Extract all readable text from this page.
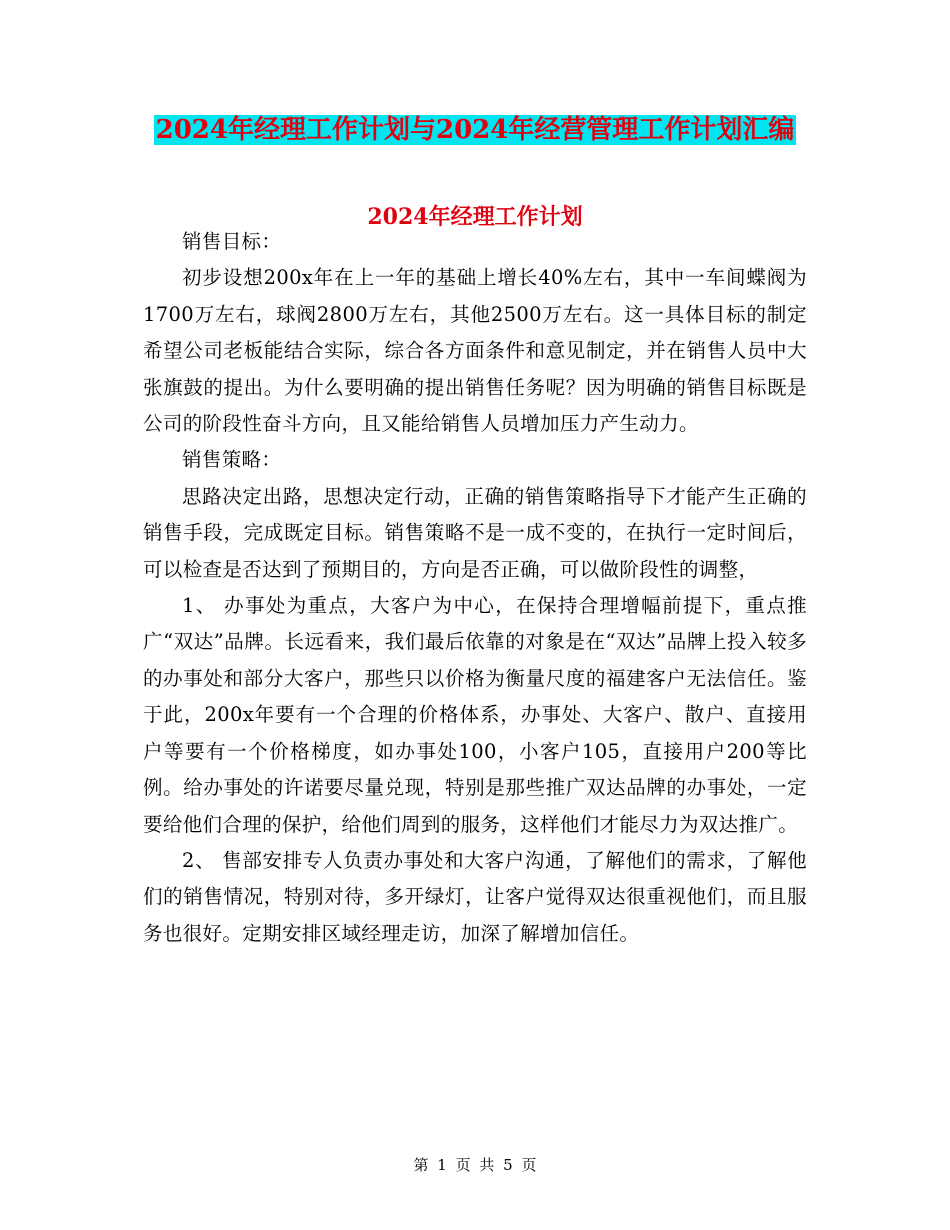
2024年经理工作计划与2024年经营管理工作计划汇编
2024年经理工作计划

销售目标：

初步设想200x年在上一年的基础上增长40%左右，其中一车间蝶阀为1700万左右，球阀2800万左右，其他2500万左右。这一具体目标的制定希望公司老板能结合实际，综合各方面条件和意见制定，并在销售人员中大张旗鼓的提出。为什么要明确的提出销售任务呢？因为明确的销售目标既是公司的阶段性奋斗方向，且又能给销售人员增加压力产生动力。

销售策略：

思路决定出路，思想决定行动，正确的销售策略指导下才能产生正确的销售手段，完成既定目标。销售策略不是一成不变的，在执行一定时间后，可以检查是否达到了预期目的，方向是否正确，可以做阶段性的调整，

1、 办事处为重点，大客户为中心，在保持合理增幅前提下，重点推广“双达”品牌。长远看来，我们最后依靠的对象是在“双达”品牌上投入较多的办事处和部分大客户，那些只以价格为衡量尺度的福建客户无法信任。鉴于此，200x年要有一个合理的价格体系，办事处、大客户、散户、直接用户等要有一个价格梯度，如办事处100，小客户105，直接用户200等比例。给办事处的许诺要尽量兑现，特别是那些推广双达品牌的办事处，一定要给他们合理的保护，给他们周到的服务，这样他们才能尽力为双达推广。

2、 售部安排专人负责办事处和大客户沟通，了解他们的需求，了解他们的销售情况，特别对待，多开绿灯，让客户觉得双达很重视他们，而且服务也很好。定期安排区域经理走访，加深了解增加信任。

第 1 页 共 5 页
